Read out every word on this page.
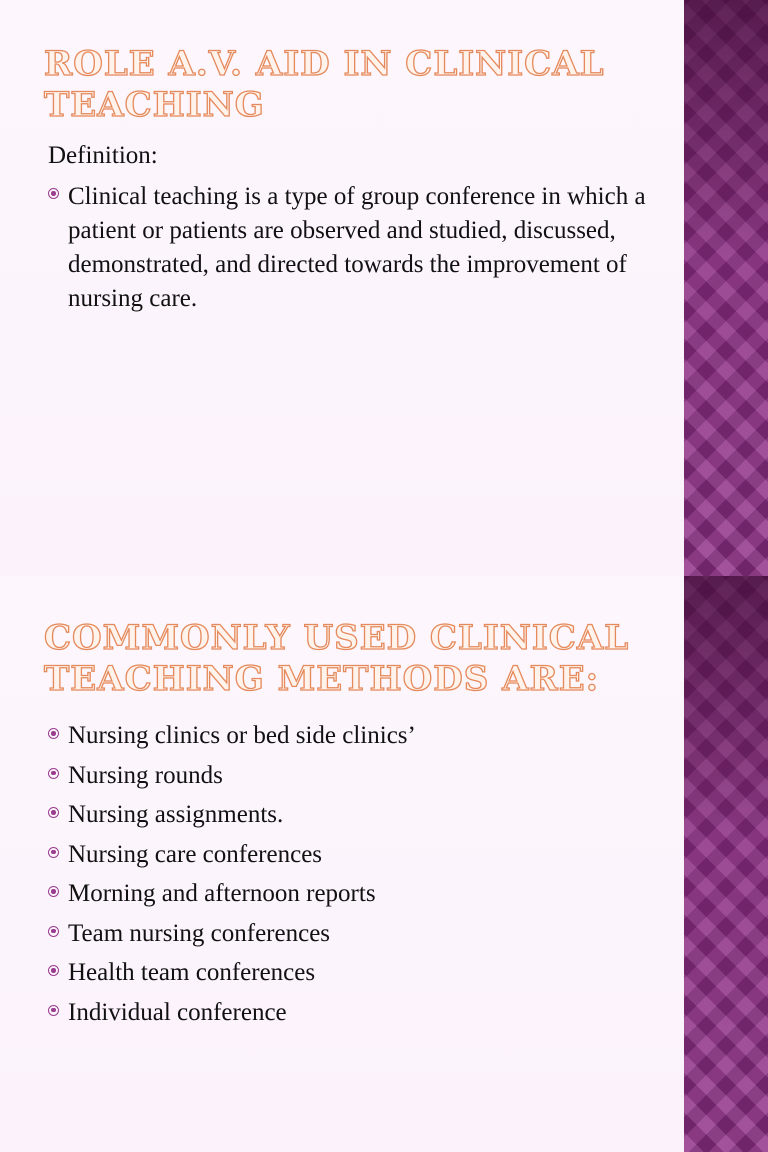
ROLE A.V. AID IN CLINICAL
TEACHING
Definition:
Clinical teaching is a type of group conference in which a patient or patients are observed and studied, discussed, demonstrated, and directed towards the improvement of nursing care.
COMMONLY USED CLINICAL
TEACHING METHODS ARE:
Nursing clinics or bed side clinics’
Nursing rounds
Nursing assignments.
Nursing care conferences
Morning and afternoon reports
Team nursing conferences
Health team conferences
Individual conference
